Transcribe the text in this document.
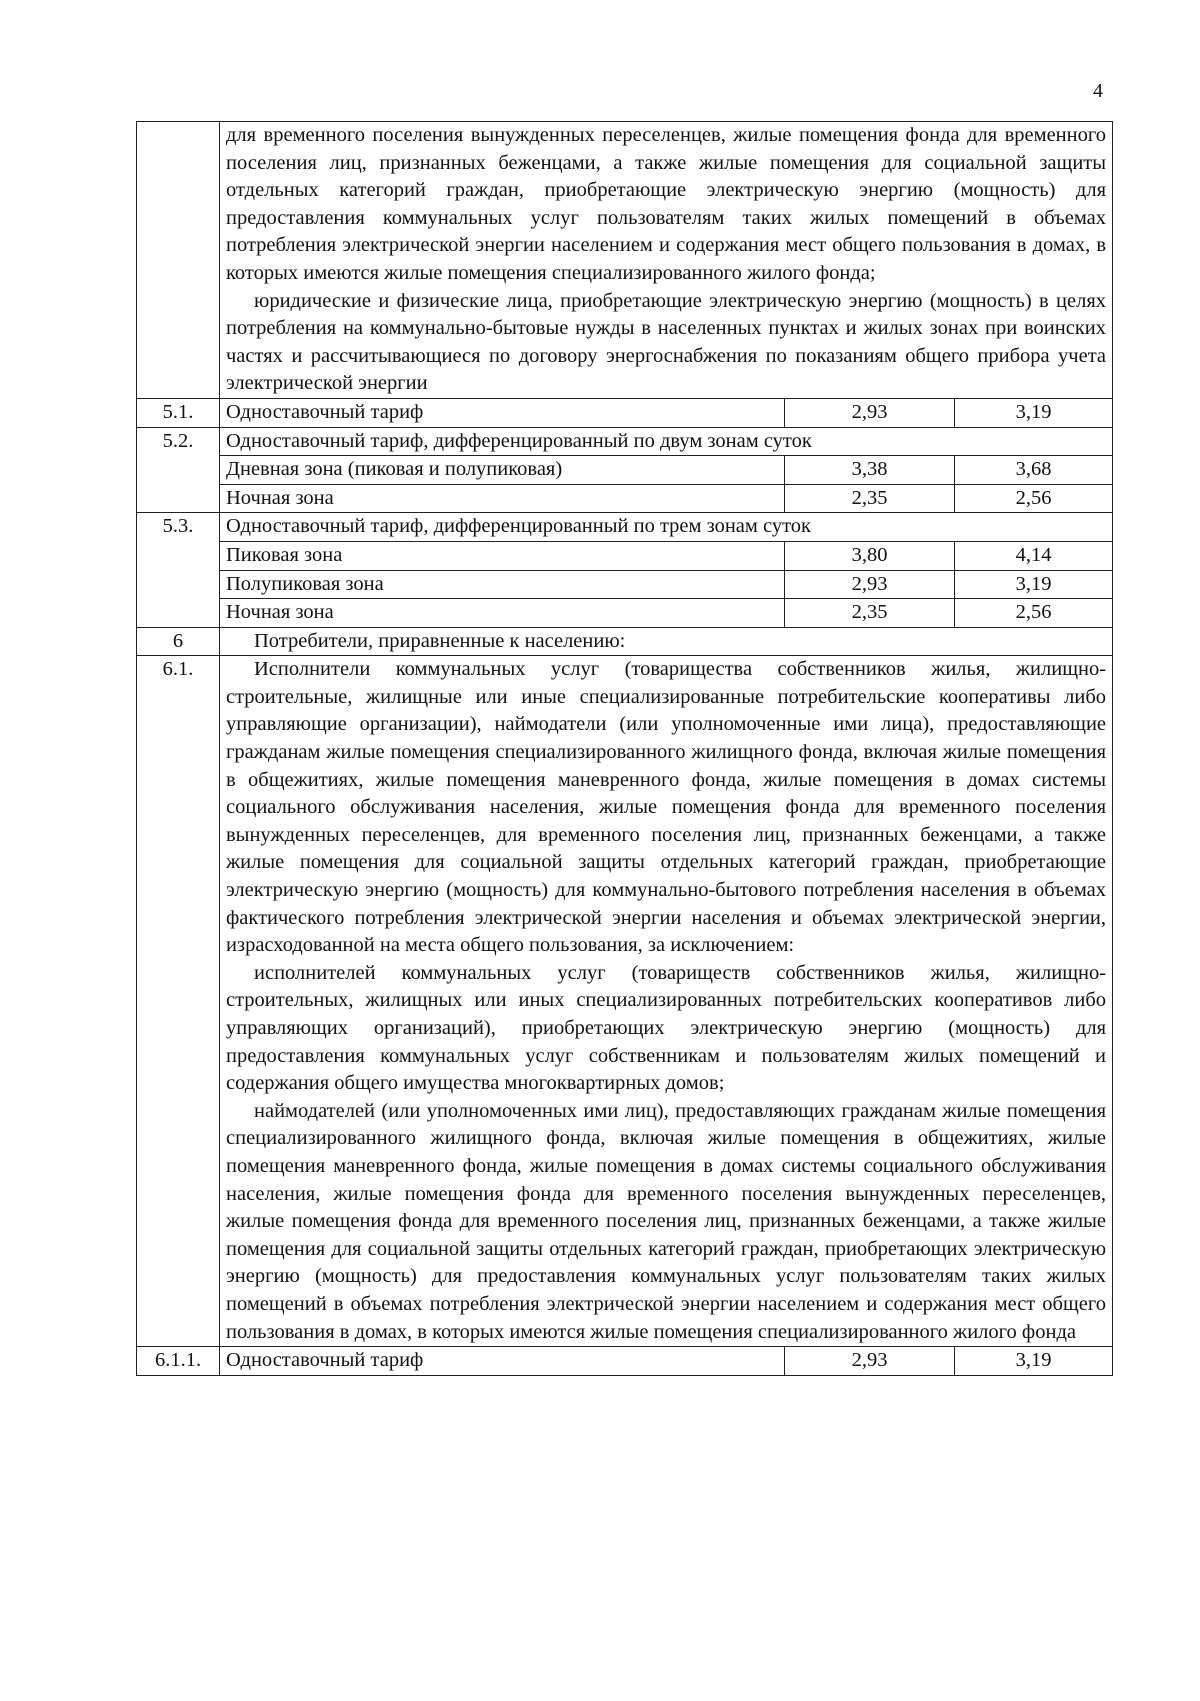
4

	для временного поселения вынужденных переселенцев, жилые помещения фонда для временного поселения лиц, признанных беженцами, а также жилые помещения для социальной защиты отдельных категорий граждан, приобретающие электрическую энергию (мощность) для предоставления коммунальных услуг пользователям таких жилых помещений в объемах потребления электрической энергии населением и содержания мест общего пользования в домах, в которых имеются жилые помещения специализированного жилого фонда;

юридические и физические лица, приобретающие электрическую энергию (мощность) в целях потребления на коммунально-бытовые нужды в населенных пунктах и жилых зонах при воинских частях и рассчитывающиеся по договору энергоснабжения по показаниям общего прибора учета электрической энергии		

5.1.	Одноставочный тариф	2,93	3,19
5.2.	Одноставочный тариф, дифференцированный по двум зонам суток		
	Дневная зона (пиковая и полупиковая)	3,38	3,68
	Ночная зона	2,35	2,56
5.3.	Одноставочный тариф, дифференцированный по трем зонам суток		
	Пиковая зона	3,80	4,14
	Полупиковая зона	2,93	3,19
	Ночная зона	2,35	2,56
6	Потребители, приравненные к населению:		
6.1.	Исполнители коммунальных услуг (товарищества собственников жилья, жилищно-строительные, жилищные или иные специализированные потребительские кооперативы либо управляющие организации), наймодатели (или уполномоченные ими лица), предоставляющие гражданам жилые помещения специализированного жилищного фонда, включая жилые помещения в общежитиях, жилые помещения маневренного фонда, жилые помещения в домах системы социального обслуживания населения, жилые помещения фонда для временного поселения вынужденных переселенцев, для временного поселения лиц, признанных беженцами, а также жилые помещения для социальной защиты отдельных категорий граждан, приобретающие электрическую энергию (мощность) для коммунально-бытового потребления населения в объемах фактического потребления электрической энергии населения и объемах электрической энергии, израсходованной на места общего пользования, за исключением:

исполнителей коммунальных услуг (товариществ собственников жилья, жилищно-строительных, жилищных или иных специализированных потребительских кооперативов либо управляющих организаций), приобретающих электрическую энергию (мощность) для предоставления коммунальных услуг собственникам и пользователям жилых помещений и содержания общего имущества многоквартирных домов;

наймодателей (или уполномоченных ими лиц), предоставляющих гражданам жилые помещения специализированного жилищного фонда, включая жилые помещения в общежитиях, жилые помещения маневренного фонда, жилые помещения в домах системы социального обслуживания населения, жилые помещения фонда для временного поселения вынужденных переселенцев, жилые помещения фонда для временного поселения лиц, признанных беженцами, а также жилые помещения для социальной защиты отдельных категорий граждан, приобретающих электрическую энергию (мощность) для предоставления коммунальных услуг пользователям таких жилых помещений в объемах потребления электрической энергии населением и содержания мест общего пользования в домах, в которых имеются жилые помещения специализированного жилого фонда		

6.1.1.	Одноставочный тариф	2,93	3,19
